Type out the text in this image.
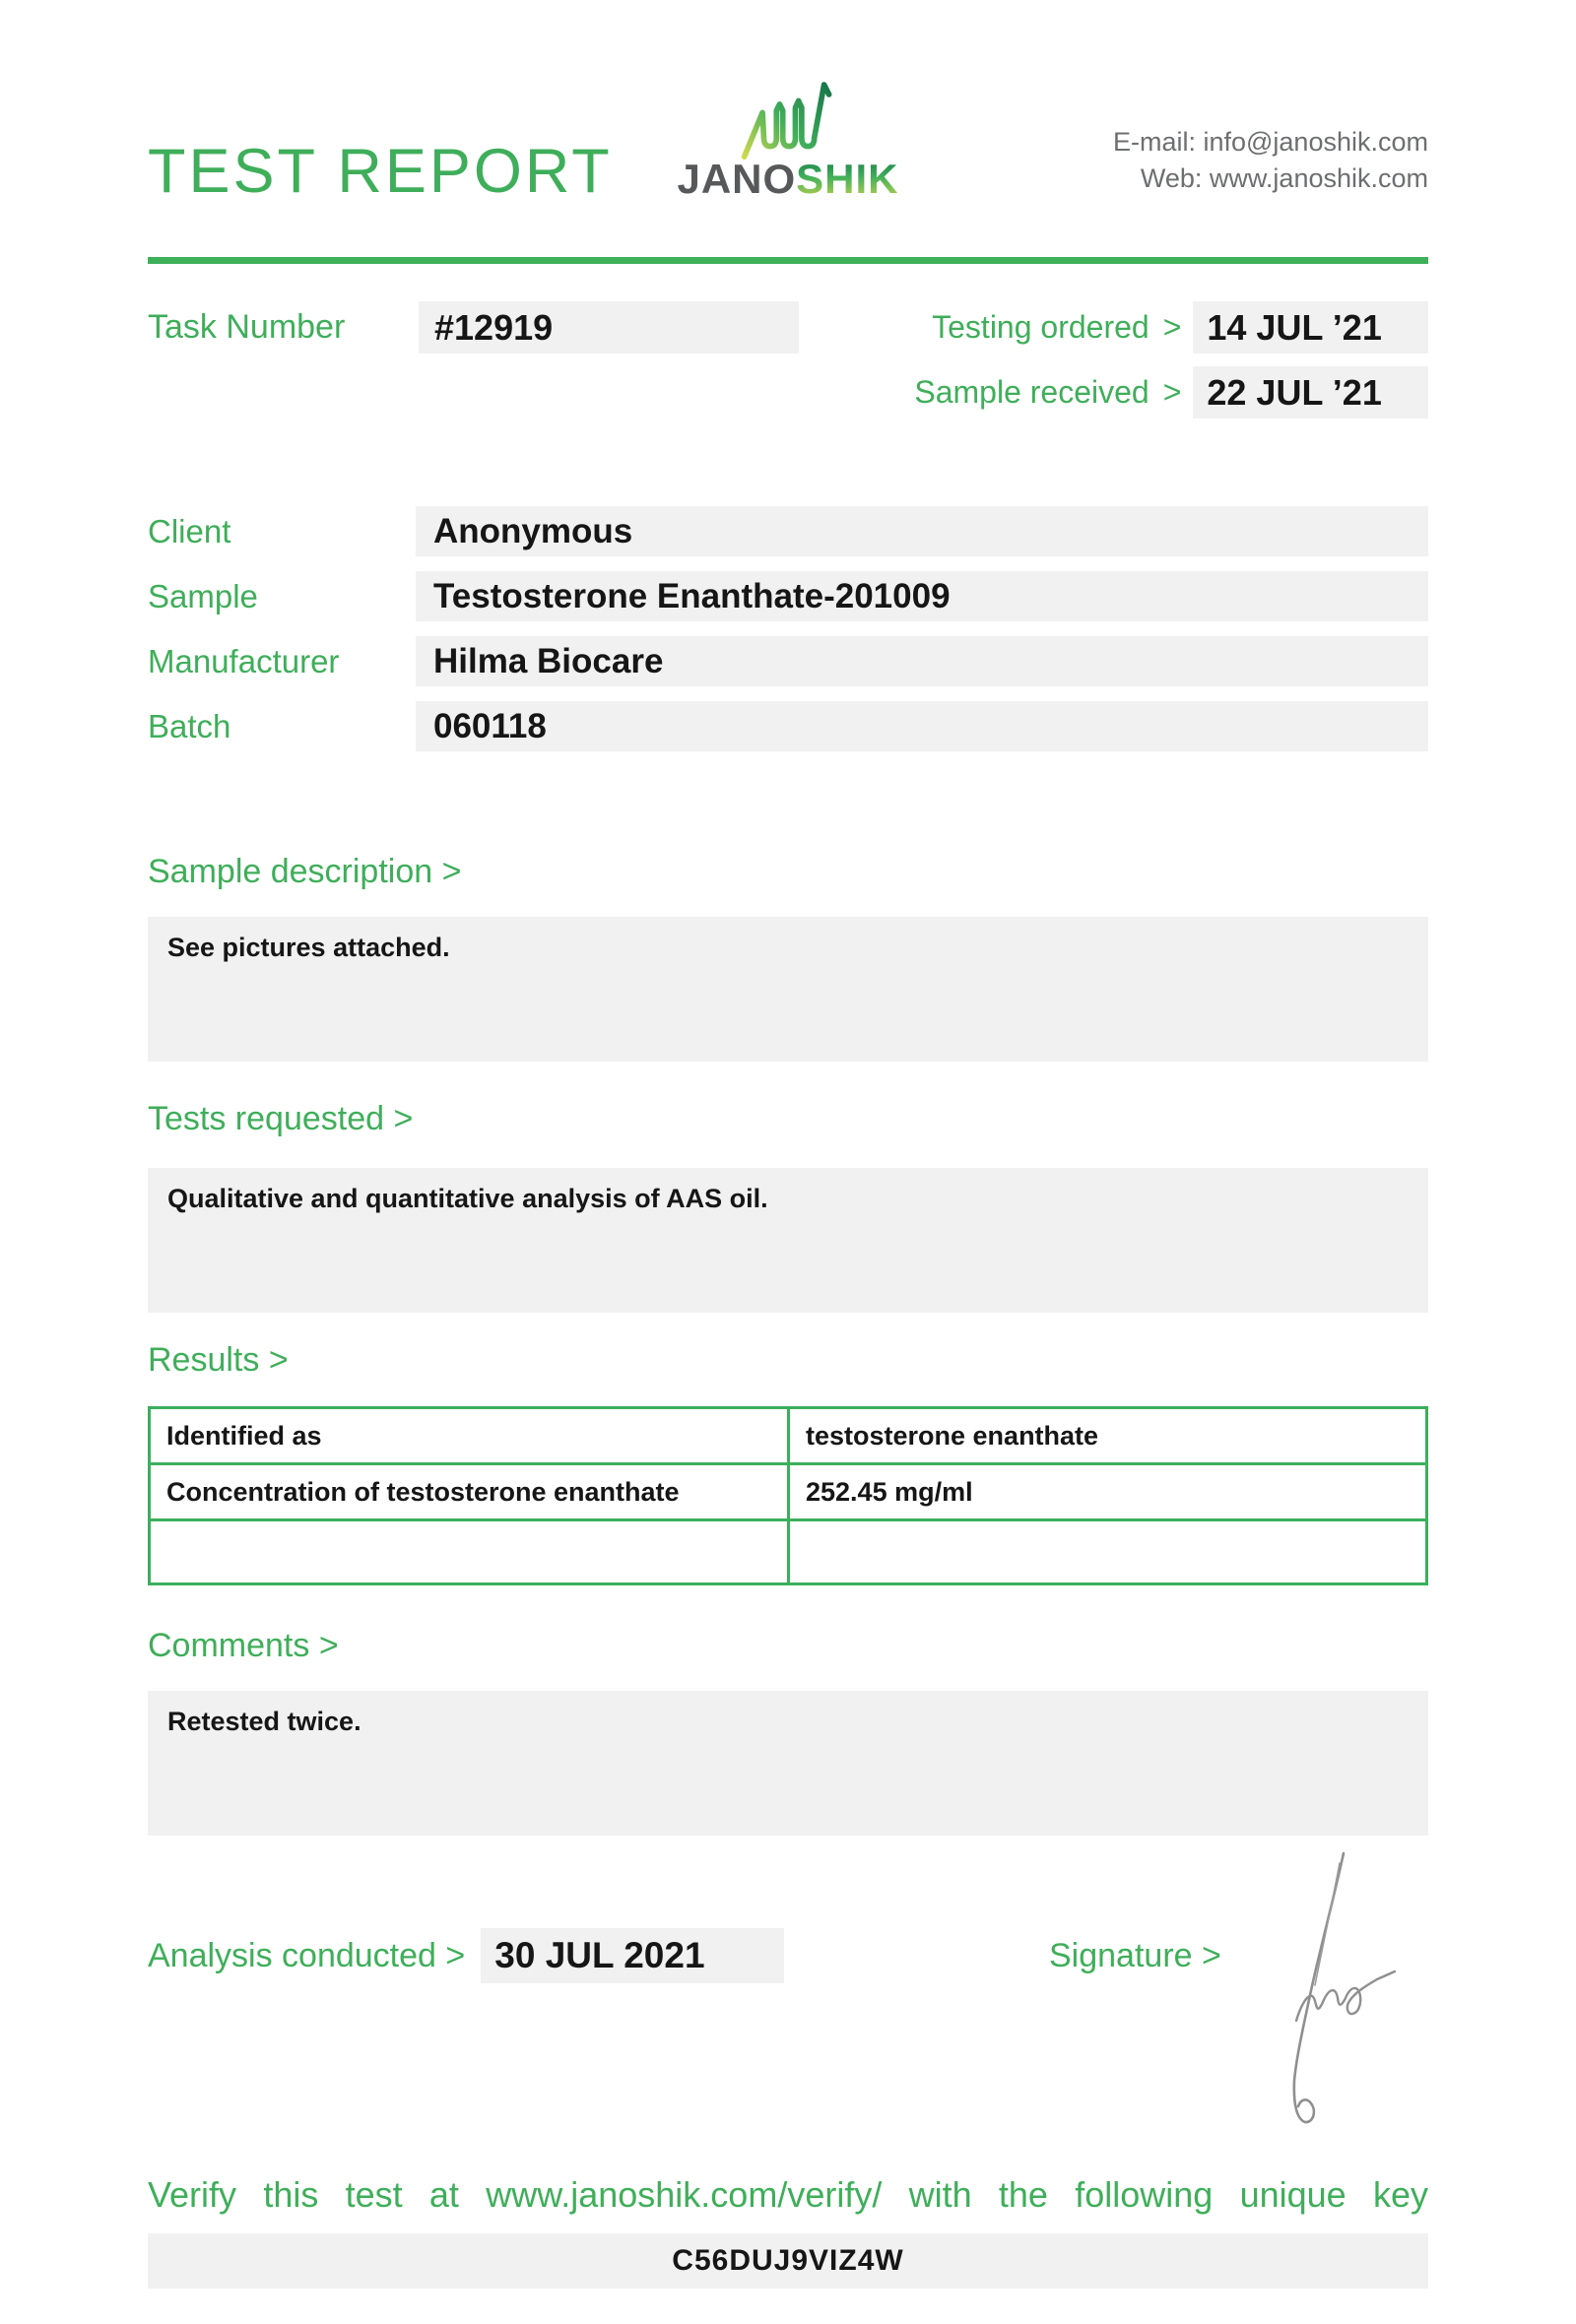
TEST REPORT JANOSHIK
E-mail: info@janoshik.com
Web: www.janoshik.com
Task Number	#12919	Testing ordered > 14 JUL ’21
Sample received > 22 JUL ’21
Client	Anonymous
Sample	Testosterone Enanthate-201009
Manufacturer	Hilma Biocare
Batch	060118
Sample description >
See pictures attached.
Tests requested >
Qualitative and quantitative analysis of AAS oil.
Results >
Identified as	testosterone enanthate
Concentration of testosterone enanthate	252.45 mg/ml

Comments >
Retested twice.
Analysis conducted > 30 JUL 2021	Signature >
Verify this test at www.janoshik.com/verify/ with the following unique key
C56DUJ9VIZ4W
